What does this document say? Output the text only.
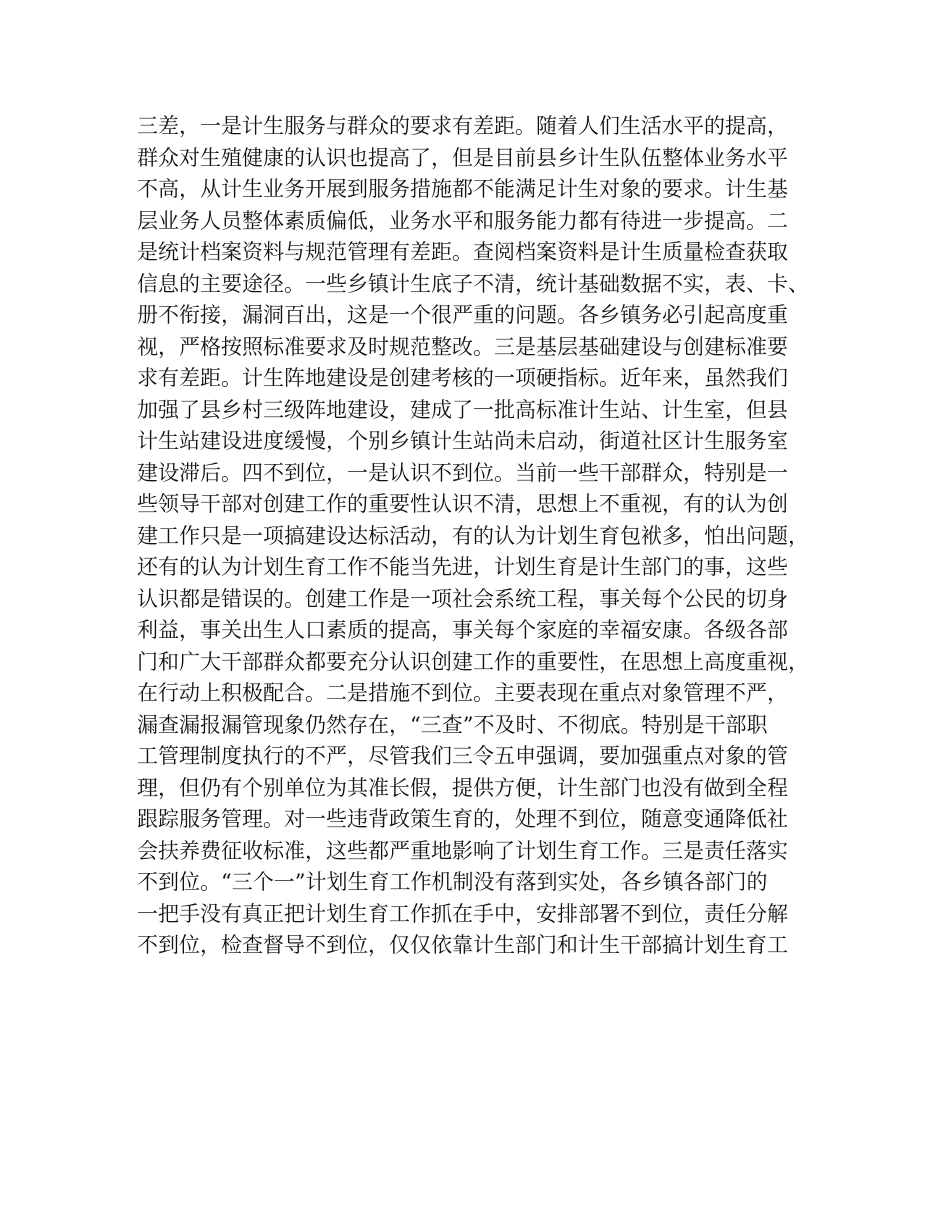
三差，一是计生服务与群众的要求有差距。随着人们生活水平的提高，
群众对生殖健康的认识也提高了，但是目前县乡计生队伍整体业务水平
不高，从计生业务开展到服务措施都不能满足计生对象的要求。计生基
层业务人员整体素质偏低，业务水平和服务能力都有待进一步提高。二
是统计档案资料与规范管理有差距。查阅档案资料是计生质量检查获取
信息的主要途径。一些乡镇计生底子不清，统计基础数据不实，表、卡、
册不衔接，漏洞百出，这是一个很严重的问题。各乡镇务必引起高度重
视，严格按照标准要求及时规范整改。三是基层基础建设与创建标准要
求有差距。计生阵地建设是创建考核的一项硬指标。近年来，虽然我们
加强了县乡村三级阵地建设，建成了一批高标准计生站、计生室，但县
计生站建设进度缓慢，个别乡镇计生站尚未启动，街道社区计生服务室
建设滞后。四不到位，一是认识不到位。当前一些干部群众，特别是一
些领导干部对创建工作的重要性认识不清，思想上不重视，有的认为创
建工作只是一项搞建设达标活动，有的认为计划生育包袱多，怕出问题，
还有的认为计划生育工作不能当先进，计划生育是计生部门的事，这些
认识都是错误的。创建工作是一项社会系统工程，事关每个公民的切身
利益，事关出生人口素质的提高，事关每个家庭的幸福安康。各级各部
门和广大干部群众都要充分认识创建工作的重要性，在思想上高度重视，
在行动上积极配合。二是措施不到位。主要表现在重点对象管理不严，
漏查漏报漏管现象仍然存在，“三查”不及时、不彻底。特别是干部职
工管理制度执行的不严，尽管我们三令五申强调，要加强重点对象的管
理，但仍有个别单位为其准长假，提供方便，计生部门也没有做到全程
跟踪服务管理。对一些违背政策生育的，处理不到位，随意变通降低社
会扶养费征收标准，这些都严重地影响了计划生育工作。三是责任落实
不到位。“三个一”计划生育工作机制没有落到实处，各乡镇各部门的
一把手没有真正把计划生育工作抓在手中，安排部署不到位，责任分解
不到位，检查督导不到位，仅仅依靠计生部门和计生干部搞计划生育工
